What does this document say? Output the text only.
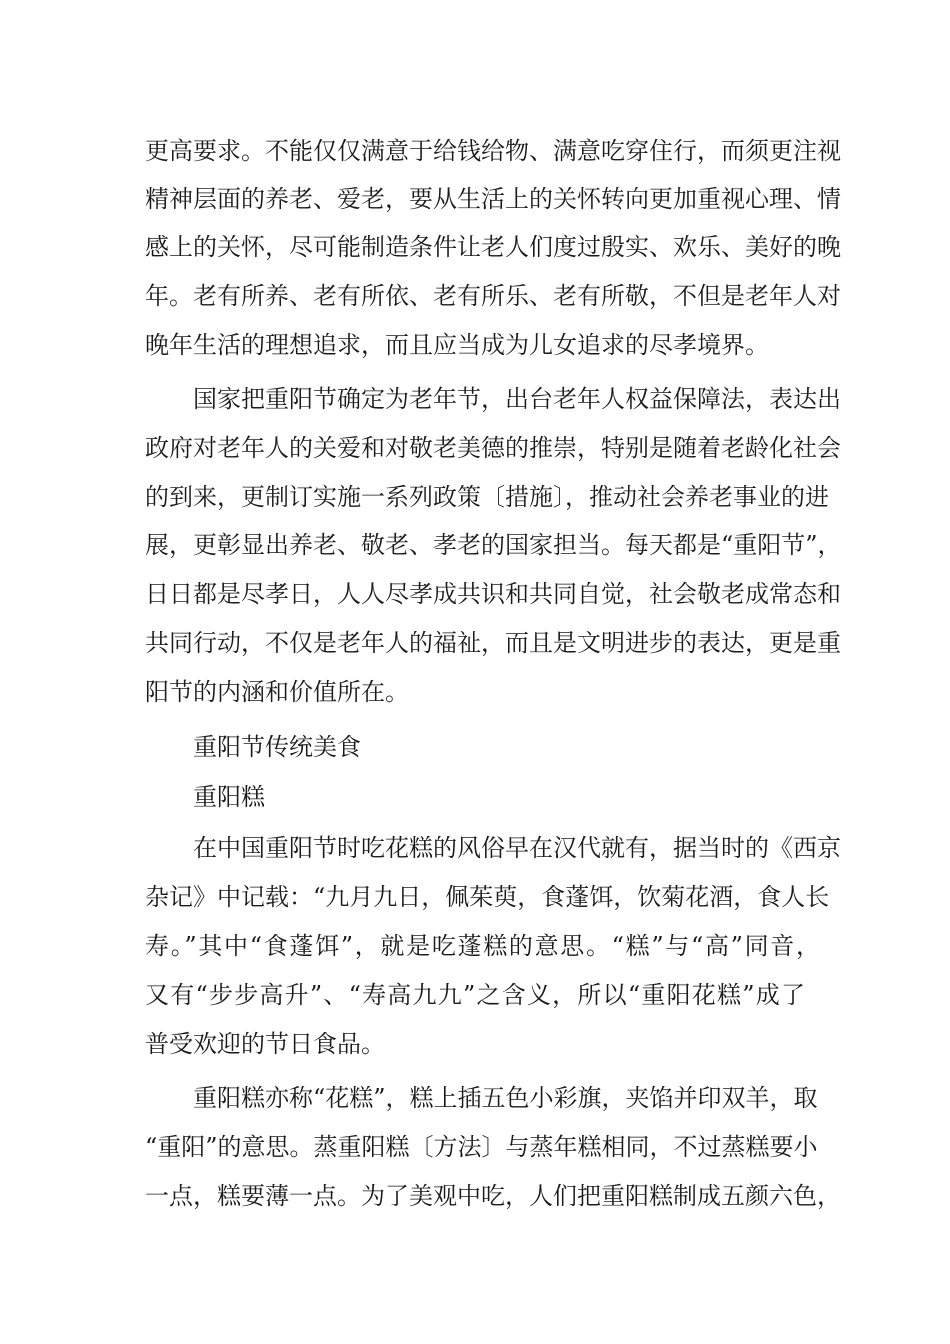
更高要求。不能仅仅满意于给钱给物、满意吃穿住行，而须更注视
精神层面的养老、爱老，要从生活上的关怀转向更加重视心理、情
感上的关怀，尽可能制造条件让老人们度过殷实、欢乐、美好的晚
年。老有所养、老有所依、老有所乐、老有所敬，不但是老年人对
晚年生活的理想追求，而且应当成为儿女追求的尽孝境界。
国家把重阳节确定为老年节，出台老年人权益保障法，表达出
政府对老年人的关爱和对敬老美德的推崇，特别是随着老龄化社会
的到来，更制订实施一系列政策〔措施〕，推动社会养老事业的进
展，更彰显出养老、敬老、孝老的国家担当。每天都是“重阳节”，
日日都是尽孝日，人人尽孝成共识和共同自觉，社会敬老成常态和
共同行动，不仅是老年人的福祉，而且是文明进步的表达，更是重
阳节的内涵和价值所在。
重阳节传统美食
重阳糕
在中国重阳节时吃花糕的风俗早在汉代就有，据当时的《西京
杂记》中记载：“九月九日，佩茱萸，食蓬饵，饮菊花酒，食人长
寿。”其中“食蓬饵”，就是吃蓬糕的意思。“糕”与“高”同音，
又有“步步高升”、“寿高九九”之含义，所以“重阳花糕”成了
普受欢迎的节日食品。
重阳糕亦称“花糕”，糕上插五色小彩旗，夹馅并印双羊，取
“重阳”的意思。蒸重阳糕〔方法〕与蒸年糕相同，不过蒸糕要小
一点，糕要薄一点。为了美观中吃，人们把重阳糕制成五颜六色，
